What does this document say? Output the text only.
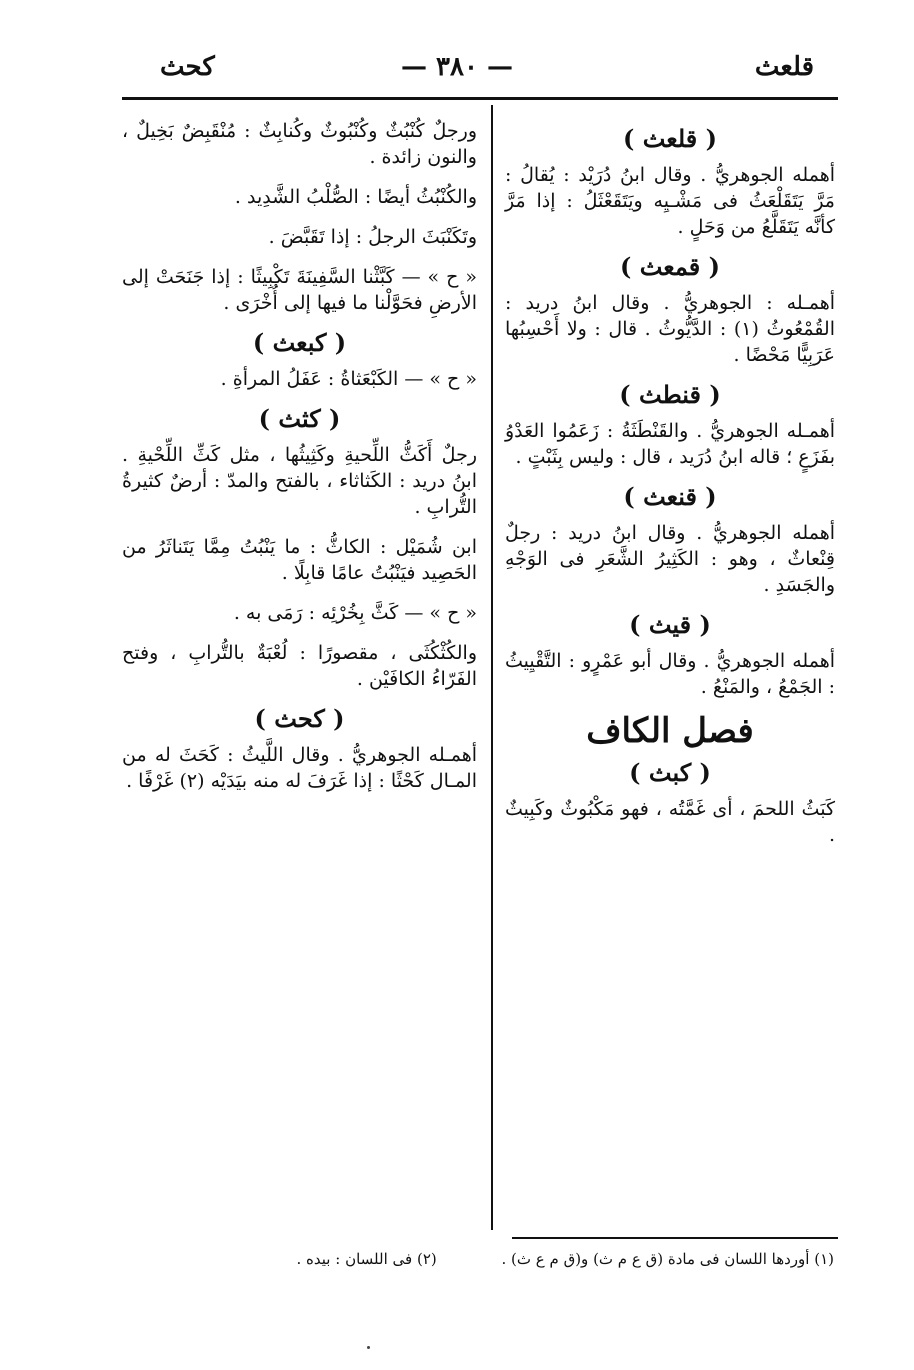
قلعث
— ٣٨٠ —
كحث
( قلعث )
أهمله الجوهريُّ . وقال ابنُ دُرَيْد : يُقالُ : مَرَّ يَتَقَلْعَثُ فى مَشْـيِه ويَتَقَعْثَلُ : إذا مَرَّ كأنَّه يَتَقَلَّعُ من وَحَلٍ .
( قمعث )
أهمـله : الجوهريُّ . وقال ابنُ دريد : القُمْعُوثُ (١) : الدَّيُّوثُ . قال : ولا أَحْسِبُها عَرَبِيًّا مَحْضًا .
( قنطث )
أهمـله الجوهريُّ . والقَنْطَثَةُ : زَعَمُوا العَدْوُ بفَزَعٍ ؛ قاله ابنُ دُرَيد ، قال : وليس بِثَبْتٍ .
( قنعث )
أهمله الجوهريُّ . وقال ابنُ دريد : رجلٌ قِنْعاثٌ ، وهو : الكَثِيرُ الشَّعَرِ فى الوَجْهِ والجَسَدِ .
( قيث )
أهمله الجوهريُّ . وقال أبو عَمْرٍو : التَّقْيِيثُ : الجَمْعُ ، والمَنْعُ .
فصل الكاف
( كبث )
كَبَثُ اللحمَ ، أى غَمَّتُه ، فهو مَكْبُوثٌ وكَبِيثٌ .
ورجلٌ كُنْبُثٌ وكُنْبُوثٌ وكُنابِثٌ : مُنْقَبِضٌ بَخِيلٌ ، والنون زائدة .
والكُنْبُثُ أيضًا : الصُّلْبُ الشَّدِيد .
وتَكَنْبَثَ الرجلُ : إذا تَقَبَّضَ .
« ح » — كَبَّثْنا السَّفِينَةَ تَكْبِيثًا : إذا جَنَحَتْ إلى الأرضِ فحَوَّلْنا ما فيها إلى أُخْرَى .
( كبعث )
« ح » — الكَبْعَثاةُ : عَفَلُ المرأةِ .
( كثث )
رجلٌ أَكَثُّ اللِّحيةِ وكَثِيثُها ، مثل كَثِّ اللِّحْيةِ . ابنُ دريد : الكَثاثاء ، بالفتح والمدّ : أرضٌ كثيرةُ التُّرابِ .
ابن شُمَيْل : الكاثُّ : ما يَنْبُتُ مِمَّا يَتَناثَرُ من الحَصِيد فيَنْبُتُ عامًا قابِلًا .
« ح » — كَثَّ بِخُرْئِه : رَمَى به .
والكُثْكُثَى ، مقصورًا : لُعْبَةٌ بالتُّرابِ ، وفتح الفَرّاءُ الكافَيْن .
( كحث )
أهمـله الجوهريُّ . وقال اللَّيثُ : كَحَثَ له من المـال كَحْثًا : إذا غَرَفَ له منه بيَدَيْه (٢) غَرْفًا .
(١) أوردها اللسان فى مادة (ق ع م ث) و(ق م ع ث) . (٢) فى اللسان : بيده .
